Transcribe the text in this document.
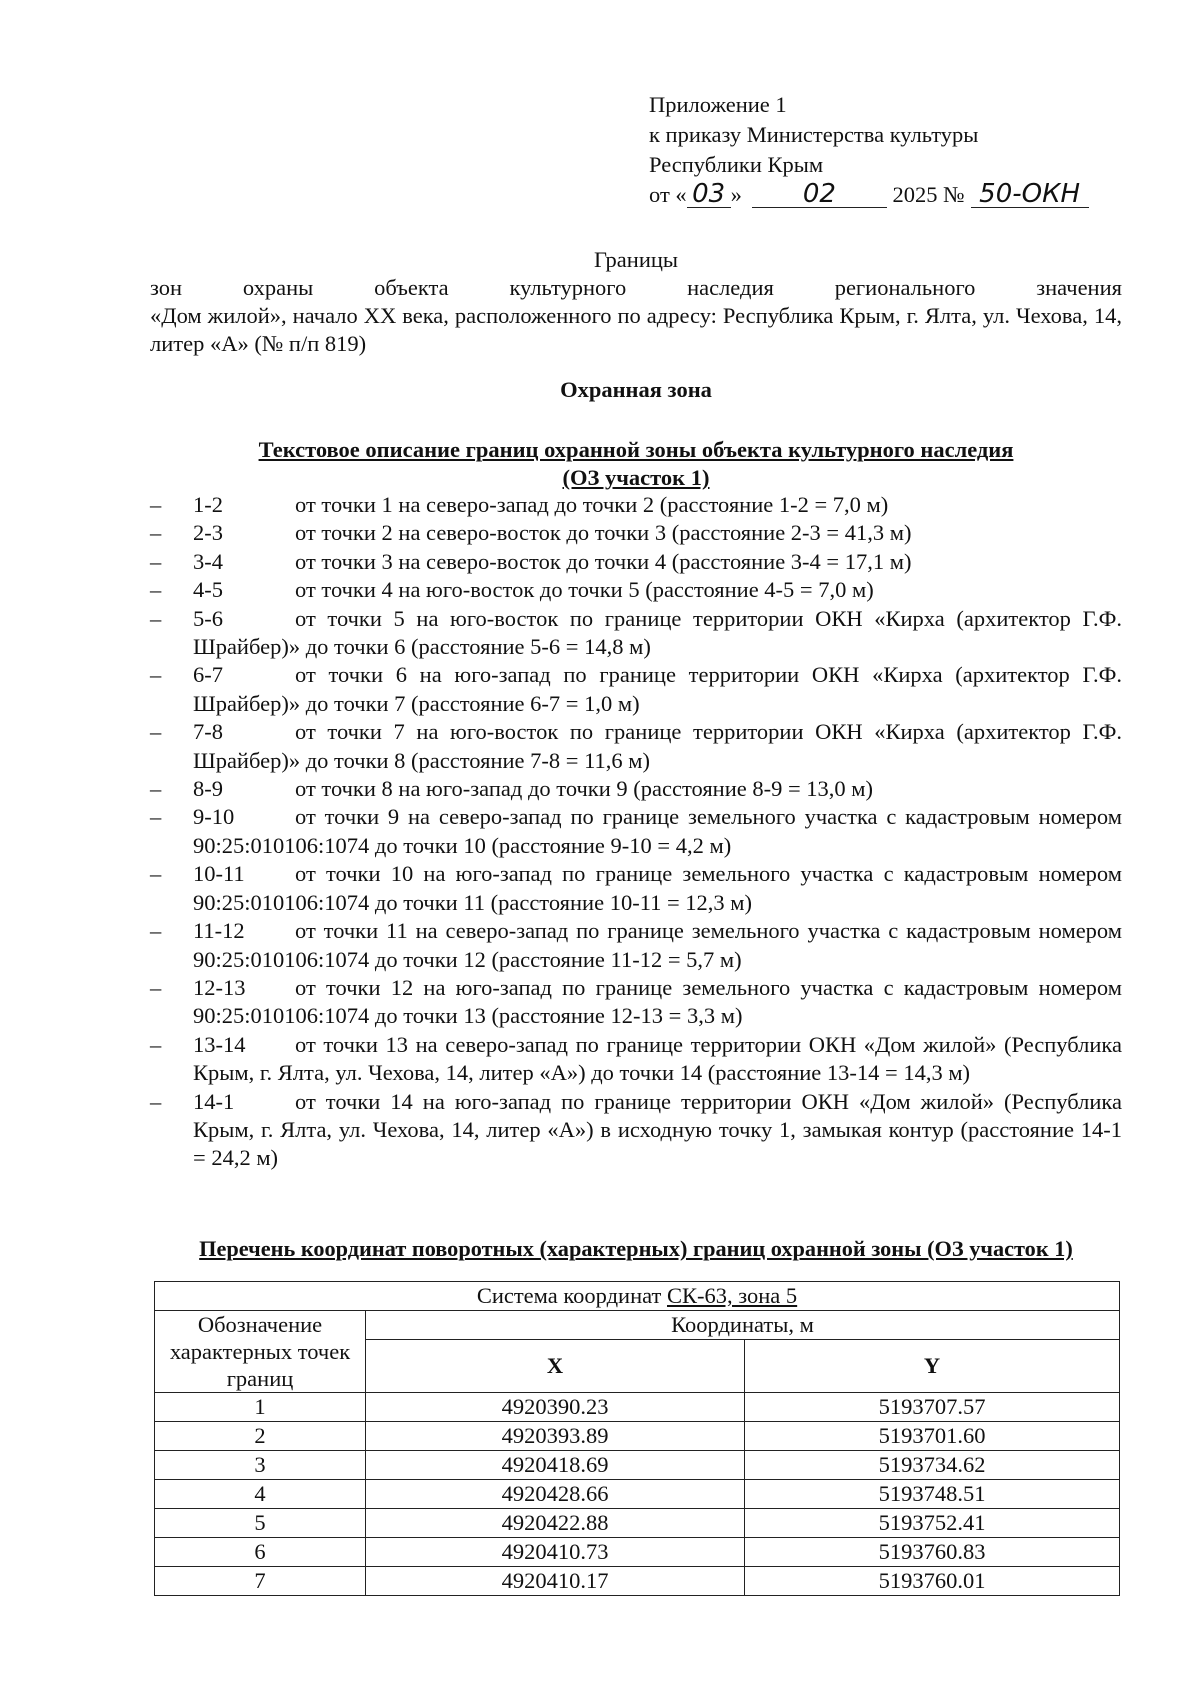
Приложение 1
к приказу Министерства культуры
Республики Крым
от « 03 » 02	2025 № 50-ОКН
Границы
зон охраны объекта культурного наследия регионального значения
«Дом жилой», начало XX века, расположенного по адресу: Республика Крым, г. Ялта, ул. Чехова, 14, литер «А» (№ п/п 819)
Охранная зона
Текстовое описание границ охранной зоны объекта культурного наследия
(ОЗ участок 1)
– 1-2	от точки 1 на северо-запад до точки 2 (расстояние 1-2 = 7,0 м)
– 2-3	от точки 2 на северо-восток до точки 3 (расстояние 2-3 = 41,3 м)
– 3-4	от точки 3 на северо-восток до точки 4 (расстояние 3-4 = 17,1 м)
– 4-5	от точки 4 на юго-восток до точки 5 (расстояние 4-5 = 7,0 м)
– 5-6	от точки 5 на юго-восток по границе территории ОКН «Кирха (архитектор Г.Ф. Шрайбер)» до точки 6 (расстояние 5-6 = 14,8 м)
– 6-7	от точки 6 на юго-запад по границе территории ОКН «Кирха (архитектор Г.Ф. Шрайбер)» до точки 7 (расстояние 6-7 = 1,0 м)
– 7-8	от точки 7 на юго-восток по границе территории ОКН «Кирха (архитектор Г.Ф. Шрайбер)» до точки 8 (расстояние 7-8 = 11,6 м)
– 8-9	от точки 8 на юго-запад до точки 9 (расстояние 8-9 = 13,0 м)
– 9-10	от точки 9 на северо-запад по границе земельного участка с кадастровым номером 90:25:010106:1074 до точки 10 (расстояние 9-10 = 4,2 м)
– 10-11 от точки 10 на юго-запад по границе земельного участка с кадастровым номером 90:25:010106:1074 до точки 11 (расстояние 10-11 = 12,3 м)
– 11-12 от точки 11 на северо-запад по границе земельного участка с кадастровым номером 90:25:010106:1074 до точки 12 (расстояние 11-12 = 5,7 м)
– 12-13 от точки 12 на юго-запад по границе земельного участка с кадастровым номером 90:25:010106:1074 до точки 13 (расстояние 12-13 = 3,3 м)
– 13-14 от точки 13 на северо-запад по границе территории ОКН «Дом жилой» (Республика Крым, г. Ялта, ул. Чехова, 14, литер «А») до точки 14 (расстояние 13-14 = 14,3 м)
– 14-1	от точки 14 на юго-запад по границе территории ОКН «Дом жилой» (Республика Крым, г. Ялта, ул. Чехова, 14, литер «А») в исходную точку 1, замыкая контур (расстояние 14-1 = 24,2 м)
Перечень координат поворотных (характерных) границ охранной зоны (ОЗ участок 1)
Система координат СК-63, зона 5		
Обозначение характерных точек границ	Координаты, м	
	X	Y
1	4920390.23	5193707.57
2	4920393.89	5193701.60
3	4920418.69	5193734.62
4	4920428.66	5193748.51
5	4920422.88	5193752.41
6	4920410.73	5193760.83
7	4920410.17	5193760.01
